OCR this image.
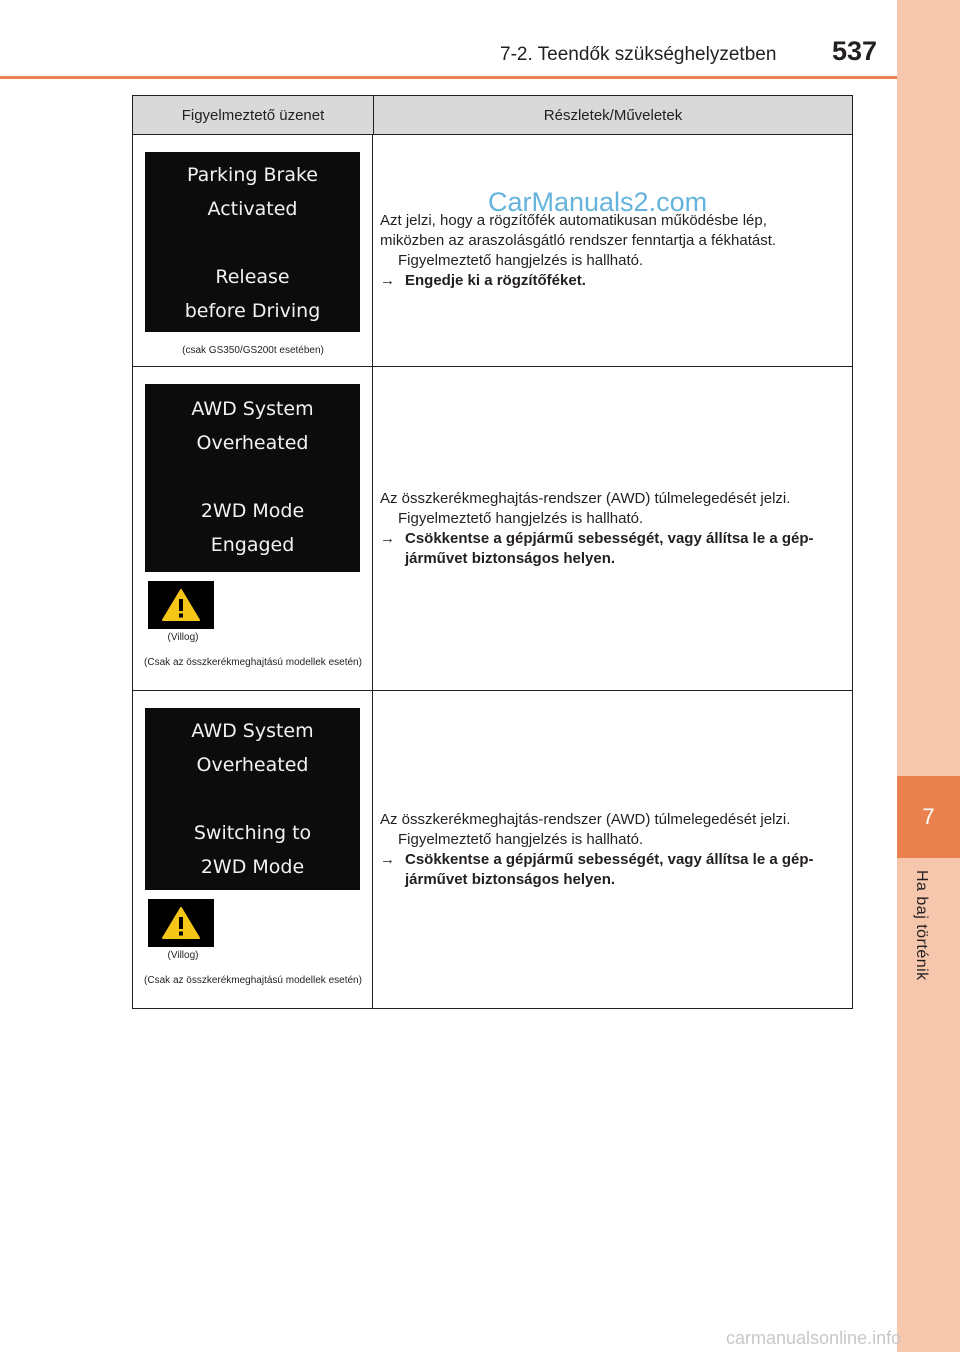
7
Ha baj történik
7-2. Teendők szükséghelyzetben 537
Figyelmeztető üzenet	Részletek/Műveletek
Parking Brake
Activated
Release
before Driving
(csak GS350/GS200t esetében)
Azt jelzi, hogy a rögzítőfék automatikusan működésbe lép,
miközben az araszolásgátló rendszer fenntartja a fékhatást.
Figyelmeztető hangjelzés is hallható.
→ Engedje ki a rögzítőféket.
AWD System
Overheated
2WD Mode
Engaged
(Villog)
(Csak az összkerékmeghajtású modellek esetén)
Az összkerékmeghajtás-rendszer (AWD) túlmelegedését jelzi.
Figyelmeztető hangjelzés is hallható.
→ Csökkentse a gépjármű sebességét, vagy állítsa le a gép-
járművet biztonságos helyen.
AWD System
Overheated
Switching to
2WD Mode
(Villog)
(Csak az összkerékmeghajtású modellek esetén)
Az összkerékmeghajtás-rendszer (AWD) túlmelegedését jelzi.
Figyelmeztető hangjelzés is hallható.
→ Csökkentse a gépjármű sebességét, vagy állítsa le a gép-
járművet biztonságos helyen.
CarManuals2.com
carmanualsonline.info
